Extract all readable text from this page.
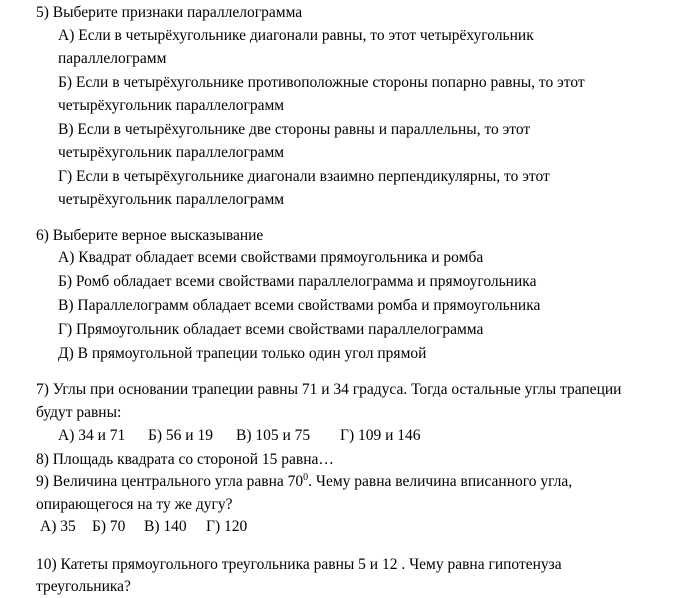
5) Выберите признаки параллелограмма
А) Если в четырёхугольнике диагонали равны, то этот четырёхугольник
параллелограмм
Б) Если в четырёхугольнике противоположные стороны попарно равны, то этот
четырёхугольник параллелограмм
В) Если в четырёхугольнике две стороны равны и параллельны, то этот
четырёхугольник параллелограмм
Г) Если в четырёхугольнике диагонали взаимно перпендикулярны, то этот
четырёхугольник параллелограмм
6) Выберите верное высказывание
А) Квадрат обладает всеми свойствами прямоугольника и ромба
Б) Ромб обладает всеми свойствами параллелограмма и прямоугольника
В) Параллелограмм обладает всеми свойствами ромба и прямоугольника
Г) Прямоугольник обладает всеми свойствами параллелограмма
Д) В прямоугольной трапеции только один угол прямой
7) Углы при основании трапеции равны 71 и 34 градуса. Тогда остальные углы трапеции
будут равны:
А) 34 и 71 Б) 56 и 19 В) 105 и 75 Г) 109 и 146
8) Площадь квадрата со стороной 15 равна…
9) Величина центрального угла равна $70^0$. Чему равна величина вписанного угла,
опирающегося на ту же дугу?
А) 35 Б) 70 В) 140 Г) 120
10) Катеты прямоугольного треугольника равны 5 и 12 . Чему равна гипотенуза
треугольника?
